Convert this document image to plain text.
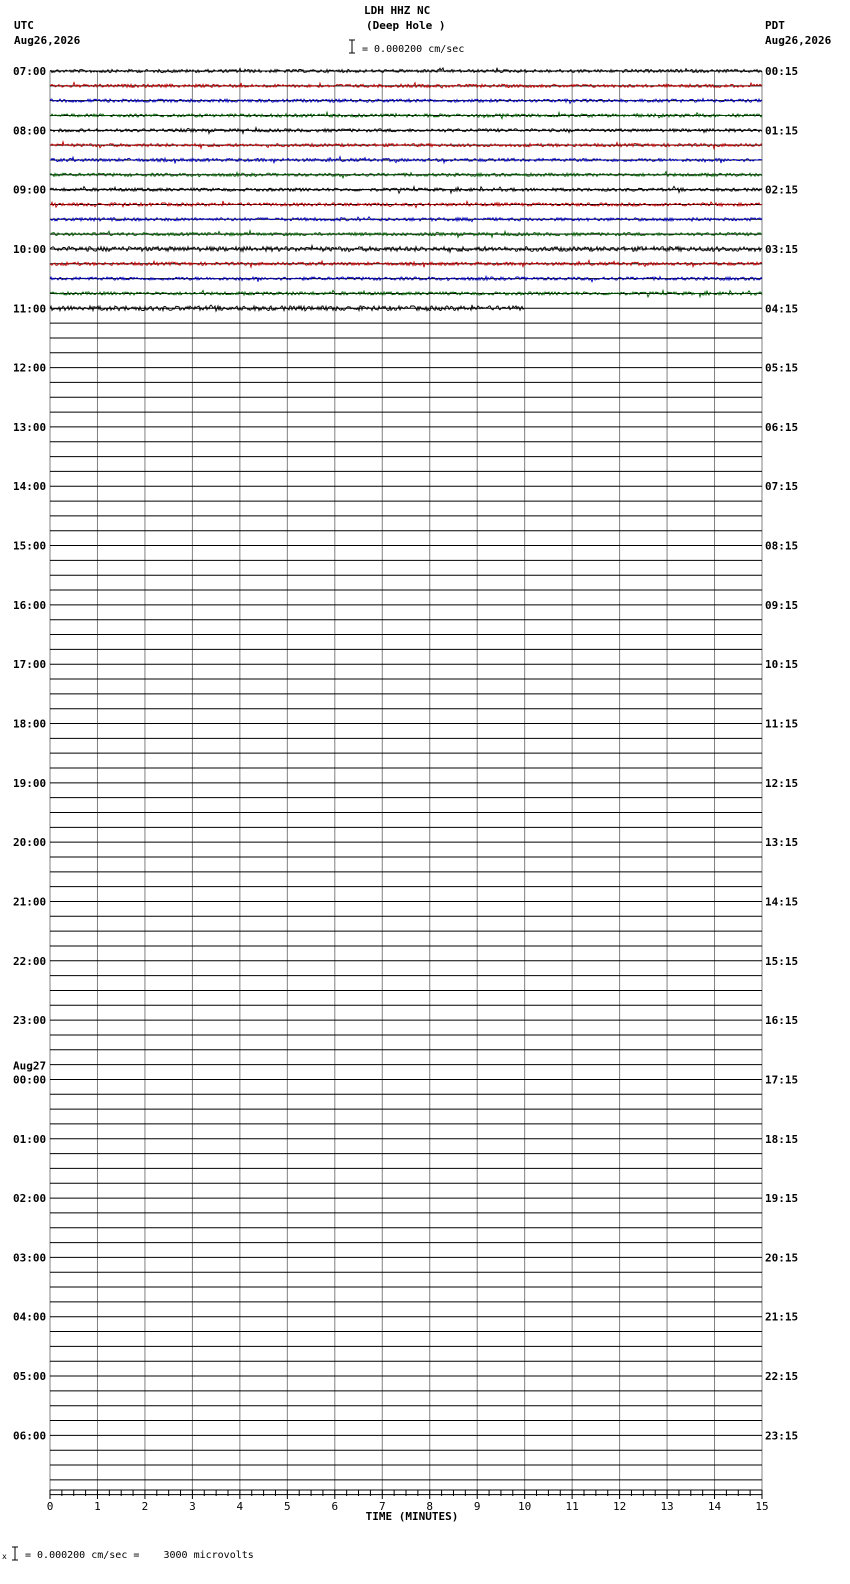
LDH HHZ NC
(Deep Hole )
UTC
Aug26,2026
PDT
Aug26,2026
= 0.000200 cm/sec
= 0.000200 cm/sec =    3000 microvolts
x
07:00	00:15
08:00	01:15
09:00	02:15
10:00	03:15
11:00	04:15
12:00	05:15
13:00	06:15
14:00	07:15
15:00	08:15
16:00	09:15
17:00	10:15
18:00	11:15
19:00	12:15
20:00	13:15
21:00	14:15
22:00	15:15
23:00	16:15
00:00	17:15
01:00	18:15
02:00	19:15
03:00	20:15
04:00	21:15
05:00	22:15
06:00	23:15
Aug27
0	1	2	3	4	5	6	7	8	9	10	11	12	13	14	15
TIME (MINUTES)
